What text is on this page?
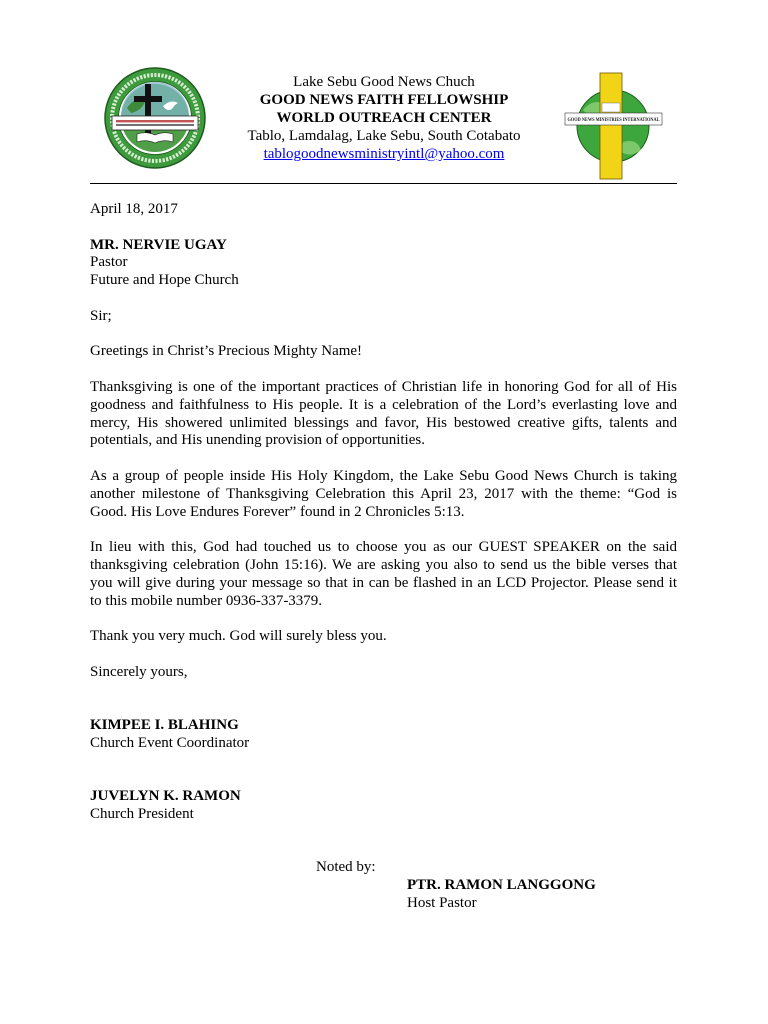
Lake Sebu Good News Chuch
GOOD NEWS FAITH FELLOWSHIP
WORLD OUTREACH CENTER
Tablo, Lamdalag, Lake Sebu, South Cotabato
tablogoodnewsministryintl@yahoo.com
GOOD NEWS MINISTRIES INTERNATIONAL
April 18, 2017
MR. NERVIE UGAY
Pastor
Future and Hope Church
Sir;
Greetings in Christ’s Precious Mighty Name!
Thanksgiving is one of the important practices of Christian life in honoring God for all of His
goodness and faithfulness to His people. It is a celebration of the Lord’s everlasting love and
mercy, His showered unlimited blessings and favor, His bestowed creative gifts, talents and
potentials, and His unending provision of opportunities.
As a group of people inside His Holy Kingdom, the Lake Sebu Good News Church is taking
another milestone of Thanksgiving Celebration this April 23, 2017 with the theme: “God is
Good. His Love Endures Forever” found in 2 Chronicles 5:13.
In lieu with this, God had touched us to choose you as our GUEST SPEAKER on the said
thanksgiving celebration (John 15:16). We are asking you also to send us the bible verses that
you will give during your message so that in can be flashed in an LCD Projector. Please send it
to this mobile number 0936-337-3379.
Thank you very much. God will surely bless you.
Sincerely yours,
KIMPEE I. BLAHING
Church Event Coordinator
JUVELYN K. RAMON
Church President
Noted by:
PTR. RAMON LANGGONG
Host Pastor
